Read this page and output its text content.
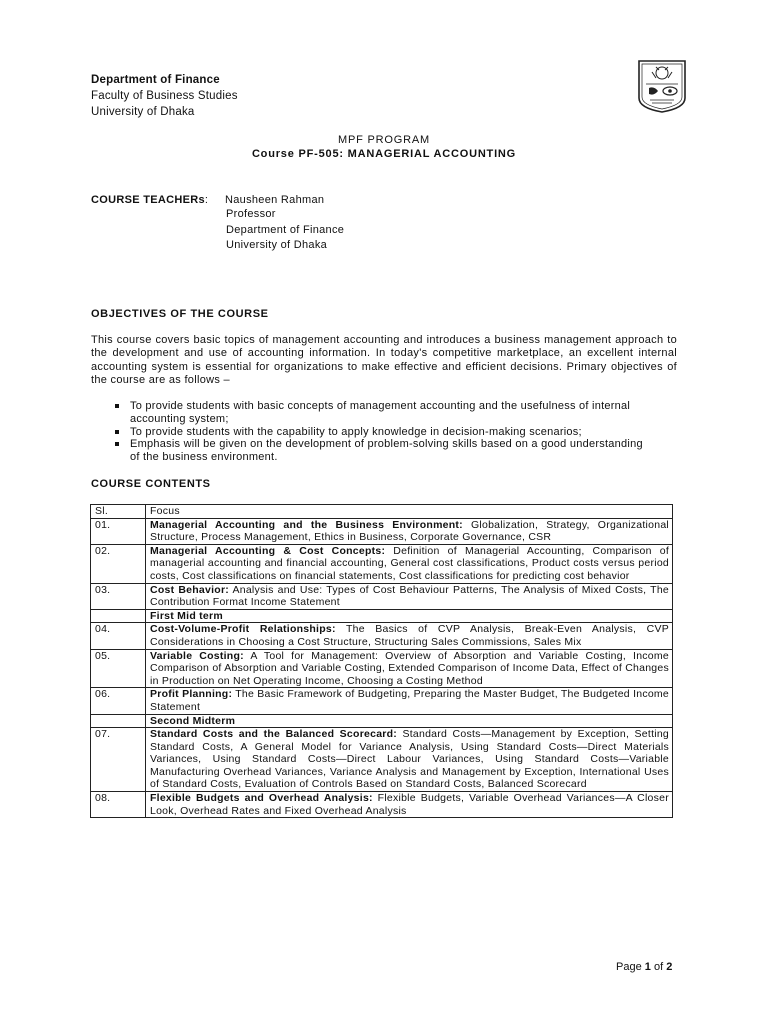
Department of Finance
Faculty of Business Studies
University of Dhaka
MPF PROGRAM
Course PF-505: MANAGERIAL ACCOUNTING
COURSE TEACHERs: Nausheen Rahman
Professor
Department of Finance
University of Dhaka
OBJECTIVES OF THE COURSE
This course covers basic topics of management accounting and introduces a business management approach to the development and use of accounting information. In today's competitive marketplace, an excellent internal accounting system is essential for organizations to make effective and efficient decisions. Primary objectives of the course are as follows –
To provide students with basic concepts of management accounting and the usefulness of internal accounting system;
To provide students with the capability to apply knowledge in decision-making scenarios;
Emphasis will be given on the development of problem-solving skills based on a good understanding of the business environment.
COURSE CONTENTS
Sl.	Focus
01.	Managerial Accounting and the Business Environment: Globalization, Strategy, Organizational Structure, Process Management, Ethics in Business, Corporate Governance, CSR
02.	Managerial Accounting & Cost Concepts: Definition of Managerial Accounting, Comparison of managerial accounting and financial accounting, General cost classifications, Product costs versus period costs, Cost classifications on financial statements, Cost classifications for predicting cost behavior
03.	Cost Behavior: Analysis and Use: Types of Cost Behaviour Patterns, The Analysis of Mixed Costs, The Contribution Format Income Statement
	First Mid term
04.	Cost-Volume-Profit Relationships: The Basics of CVP Analysis, Break-Even Analysis, CVP Considerations in Choosing a Cost Structure, Structuring Sales Commissions, Sales Mix
05.	Variable Costing: A Tool for Management: Overview of Absorption and Variable Costing, Income Comparison of Absorption and Variable Costing, Extended Comparison of Income Data, Effect of Changes in Production on Net Operating Income, Choosing a Costing Method
06.	Profit Planning: The Basic Framework of Budgeting, Preparing the Master Budget, The Budgeted Income Statement
	Second Midterm
07.	Standard Costs and the Balanced Scorecard: Standard Costs—Management by Exception, Setting Standard Costs, A General Model for Variance Analysis, Using Standard Costs—Direct Materials Variances, Using Standard Costs—Direct Labour Variances, Using Standard Costs—Variable Manufacturing Overhead Variances, Variance Analysis and Management by Exception, International Uses of Standard Costs, Evaluation of Controls Based on Standard Costs, Balanced Scorecard
08.	Flexible Budgets and Overhead Analysis: Flexible Budgets, Variable Overhead Variances—A Closer Look, Overhead Rates and Fixed Overhead Analysis
Page 1 of 2
